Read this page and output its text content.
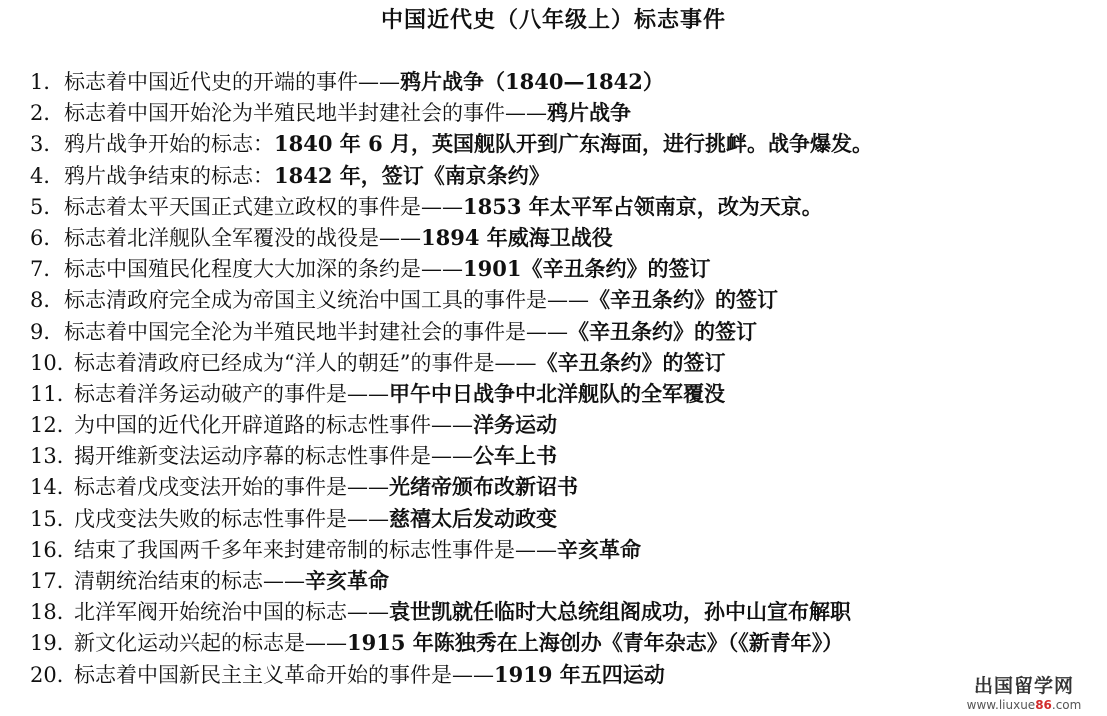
中国近代史（八年级上）标志事件
1．标志着中国近代史的开端的事件——鸦片战争（1840—1842）
2．标志着中国开始沦为半殖民地半封建社会的事件——鸦片战争
3．鸦片战争开始的标志：1840 年 6 月，英国舰队开到广东海面，进行挑衅。战争爆发。
4．鸦片战争结束的标志：1842 年，签订《南京条约》
5．标志着太平天国正式建立政权的事件是——1853 年太平军占领南京，改为天京。
6．标志着北洋舰队全军覆没的战役是——1894 年威海卫战役
7．标志中国殖民化程度大大加深的条约是——1901《辛丑条约》的签订
8．标志清政府完全成为帝国主义统治中国工具的事件是——《辛丑条约》的签订
9．标志着中国完全沦为半殖民地半封建社会的事件是——《辛丑条约》的签订
10．标志着清政府已经成为“洋人的朝廷”的事件是——《辛丑条约》的签订
11．标志着洋务运动破产的事件是——甲午中日战争中北洋舰队的全军覆没
12．为中国的近代化开辟道路的标志性事件——洋务运动
13．揭开维新变法运动序幕的标志性事件是——公车上书
14．标志着戊戌变法开始的事件是——光绪帝颁布改新诏书
15．戊戌变法失败的标志性事件是——慈禧太后发动政变
16．结束了我国两千多年来封建帝制的标志性事件是——辛亥革命
17．清朝统治结束的标志——辛亥革命
18．北洋军阀开始统治中国的标志——袁世凯就任临时大总统组阁成功，孙中山宣布解职
19．新文化运动兴起的标志是——1915 年陈独秀在上海创办《青年杂志》（《新青年》）
20．标志着中国新民主主义革命开始的事件是——1919 年五四运动	出国留学网
www.liuxue86.com
